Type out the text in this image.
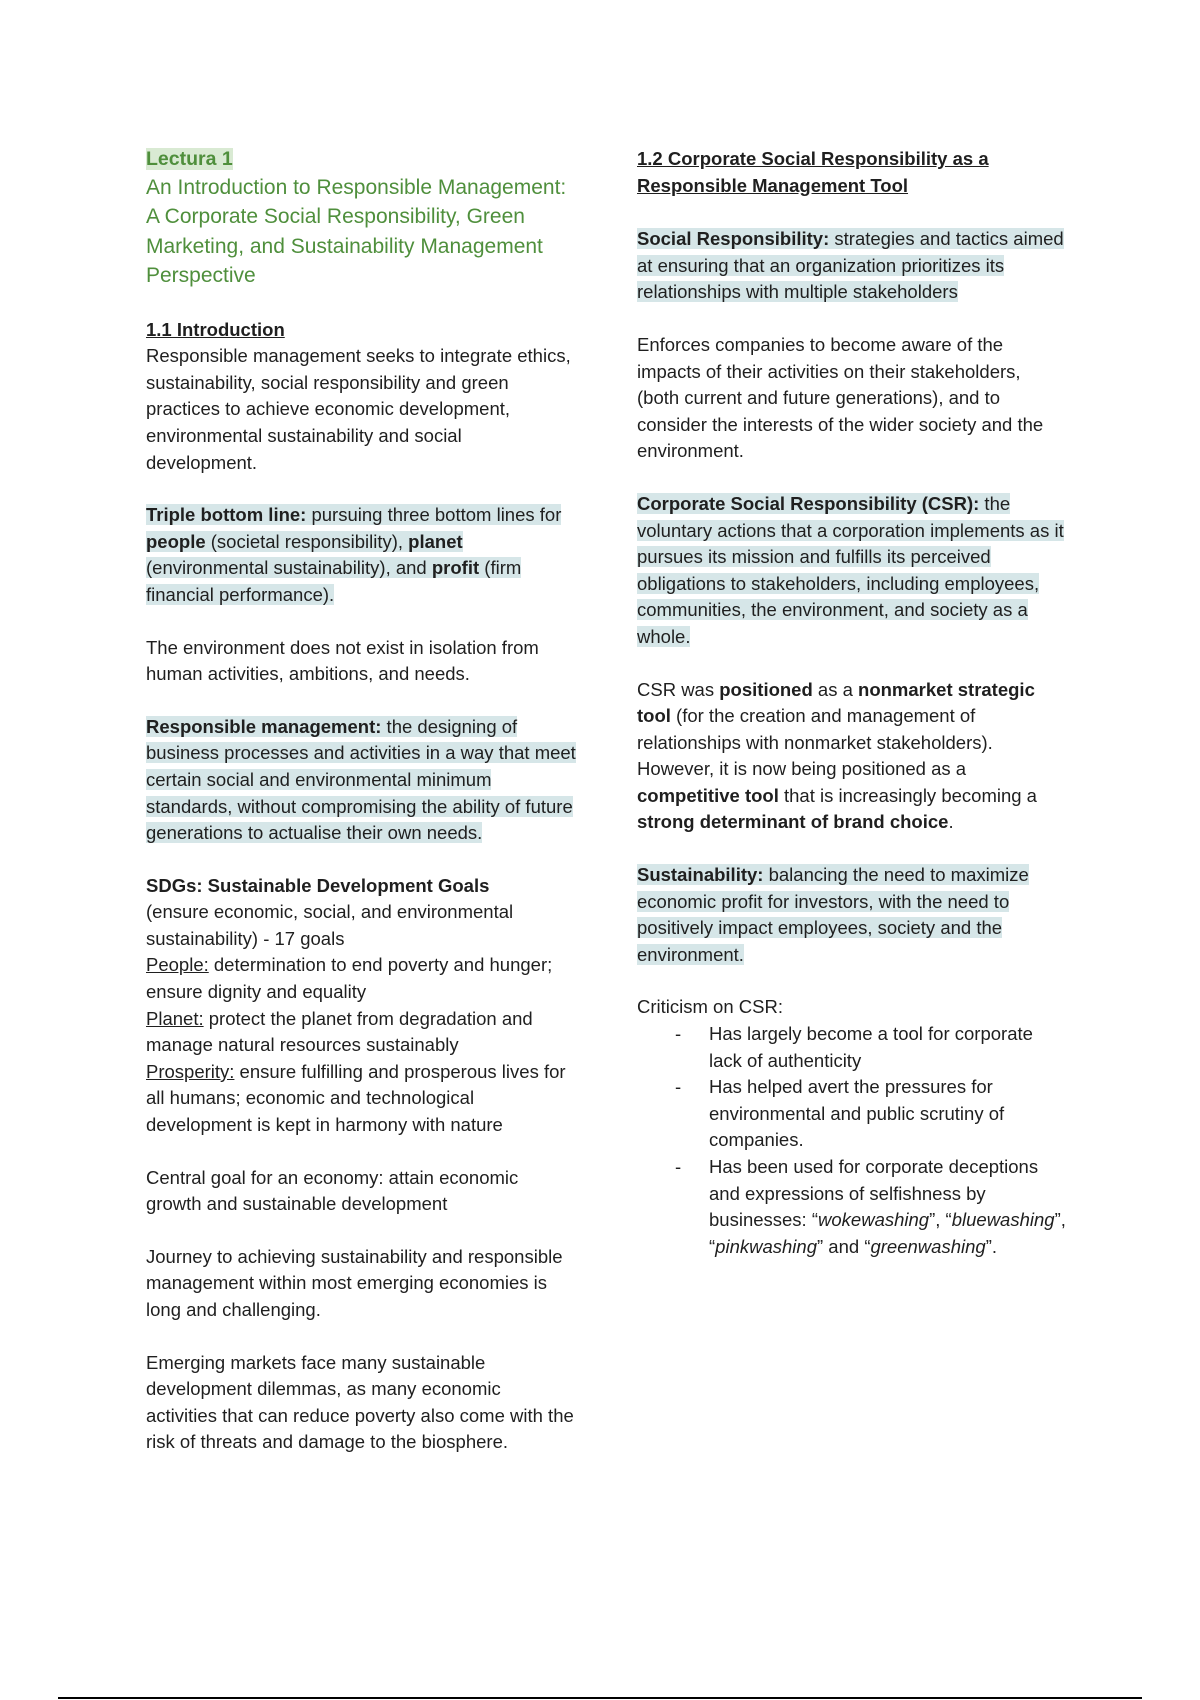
Lectura 1
An Introduction to Responsible Management: A Corporate Social Responsibility, Green Marketing, and Sustainability Management Perspective

1.1 Introduction
Responsible management seeks to integrate ethics, sustainability, social responsibility and green practices to achieve economic development, environmental sustainability and social development.

Triple bottom line: pursuing three bottom lines for people (societal responsibility), planet (environmental sustainability), and profit (firm financial performance).

The environment does not exist in isolation from human activities, ambitions, and needs.

Responsible management: the designing of business processes and activities in a way that meet certain social and environmental minimum standards, without compromising the ability of future generations to actualise their own needs.

SDGs: Sustainable Development Goals
(ensure economic, social, and environmental sustainability) - 17 goals
People: determination to end poverty and hunger; ensure dignity and equality
Planet: protect the planet from degradation and manage natural resources sustainably
Prosperity: ensure fulfilling and prosperous lives for all humans; economic and technological development is kept in harmony with nature

Central goal for an economy: attain economic growth and sustainable development

Journey to achieving sustainability and responsible management within most emerging economies is long and challenging.

Emerging markets face many sustainable development dilemmas, as many economic activities that can reduce poverty also come with the risk of threats and damage to the biosphere.

1.2 Corporate Social Responsibility as a Responsible Management Tool

Social Responsibility: strategies and tactics aimed at ensuring that an organization prioritizes its relationships with multiple stakeholders

Enforces companies to become aware of the impacts of their activities on their stakeholders, (both current and future generations), and to consider the interests of the wider society and the environment.

Corporate Social Responsibility (CSR): the voluntary actions that a corporation implements as it pursues its mission and fulfills its perceived obligations to stakeholders, including employees, communities, the environment, and society as a whole.

CSR was positioned as a nonmarket strategic tool (for the creation and management of relationships with nonmarket stakeholders).
However, it is now being positioned as a competitive tool that is increasingly becoming a strong determinant of brand choice.

Sustainability: balancing the need to maximize economic profit for investors, with the need to positively impact employees, society and the environment.

Criticism on CSR:
- Has largely become a tool for corporate lack of authenticity
- Has helped avert the pressures for environmental and public scrutiny of companies.
- Has been used for corporate deceptions and expressions of selfishness by businesses: “wokewashing”, “bluewashing”, “pinkwashing” and “greenwashing”.
